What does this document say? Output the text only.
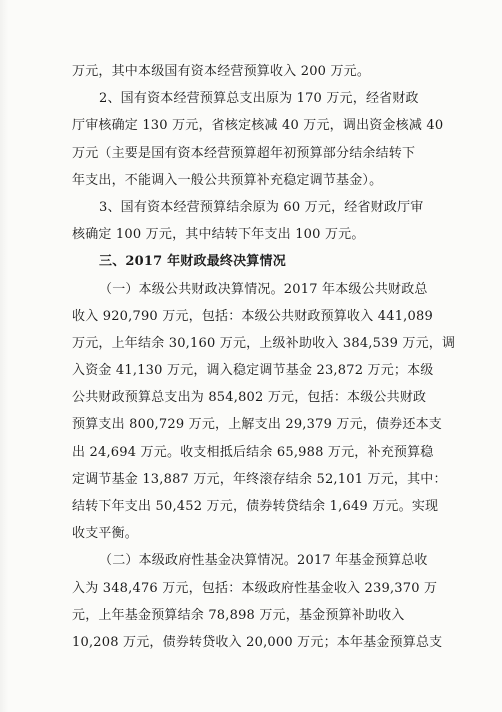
万元，其中本级国有资本经营预算收入 200 万元。
2、国有资本经营预算总支出原为 170 万元，经省财政
厅审核确定 130 万元，省核定核减 40 万元，调出资金核减 40
万元（主要是国有资本经营预算超年初预算部分结余结转下
年支出，不能调入一般公共预算补充稳定调节基金）。
3、国有资本经营预算结余原为 60 万元，经省财政厅审
核确定 100 万元，其中结转下年支出 100 万元。
三、2017 年财政最终决算情况
（一）本级公共财政决算情况。2017 年本级公共财政总
收入 920,790 万元，包括：本级公共财政预算收入 441,089
万元，上年结余 30,160 万元，上级补助收入 384,539 万元，调
入资金 41,130 万元，调入稳定调节基金 23,872 万元；本级
公共财政预算总支出为 854,802 万元，包括：本级公共财政
预算支出 800,729 万元，上解支出 29,379 万元，债券还本支
出 24,694 万元。收支相抵后结余 65,988 万元，补充预算稳
定调节基金 13,887 万元，年终滚存结余 52,101 万元，其中：
结转下年支出 50,452 万元，债券转贷结余 1,649 万元。实现
收支平衡。
（二）本级政府性基金决算情况。2017 年基金预算总收
入为 348,476 万元，包括：本级政府性基金收入 239,370 万
元，上年基金预算结余 78,898 万元，基金预算补助收入
10,208 万元，债券转贷收入 20,000 万元；本年基金预算总支
